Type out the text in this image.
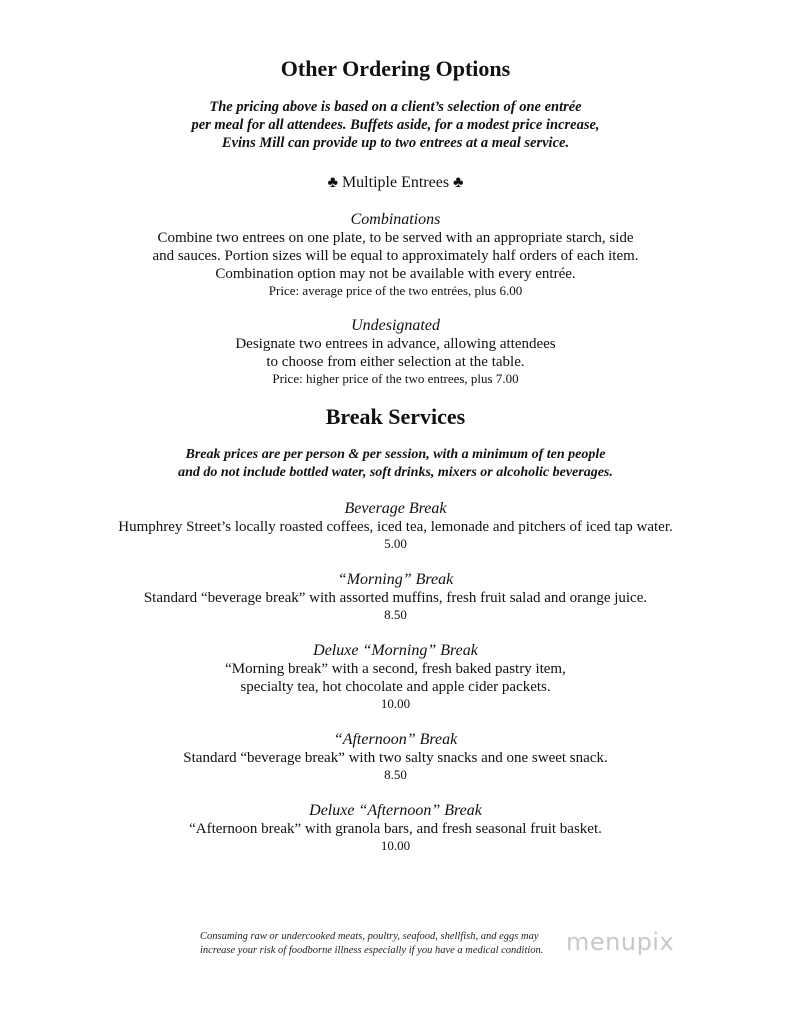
Other Ordering Options
The pricing above is based on a client’s selection of one entrée
per meal for all attendees. Buffets aside, for a modest price increase,
Evins Mill can provide up to two entrees at a meal service.
♣ Multiple Entrees ♣
Combinations
Combine two entrees on one plate, to be served with an appropriate starch, side
and sauces. Portion sizes will be equal to approximately half orders of each item.
Combination option may not be available with every entrée.
Price: average price of the two entrées, plus 6.00
Undesignated
Designate two entrees in advance, allowing attendees
to choose from either selection at the table.
Price: higher price of the two entrees, plus 7.00
Break Services
Break prices are per person & per session, with a minimum of ten people
and do not include bottled water, soft drinks, mixers or alcoholic beverages.
Beverage Break
Humphrey Street’s locally roasted coffees, iced tea, lemonade and pitchers of iced tap water.
5.00
“Morning” Break
Standard “beverage break” with assorted muffins, fresh fruit salad and orange juice.
8.50
Deluxe “Morning” Break
“Morning break” with a second, fresh baked pastry item,
specialty tea, hot chocolate and apple cider packets.
10.00
“Afternoon” Break
Standard “beverage break” with two salty snacks and one sweet snack.
8.50
Deluxe “Afternoon” Break
“Afternoon break” with granola bars, and fresh seasonal fruit basket.
10.00
Consuming raw or undercooked meats, poultry, seafood, shellfish, and eggs may
increase your risk of foodborne illness especially if you have a medical condition. menupix
